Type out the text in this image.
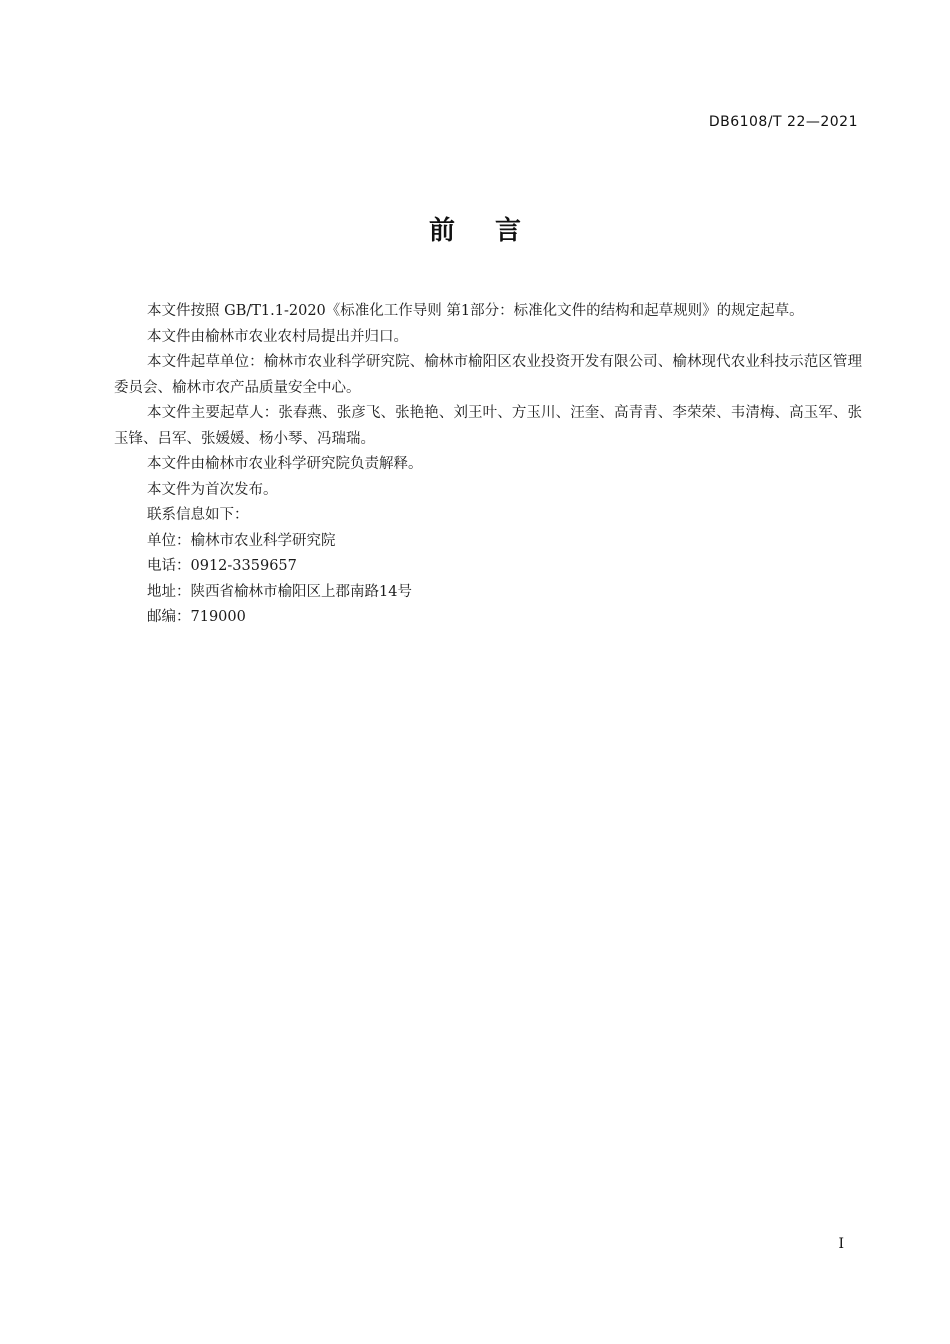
DB6108/T 22—2021
前言

本文件按照 GB/T1.1-2020《标准化工作导则 第1部分：标准化文件的结构和起草规则》的规定起草。

本文件由榆林市农业农村局提出并归口。

本文件起草单位：榆林市农业科学研究院、榆林市榆阳区农业投资开发有限公司、榆林现代农业科技示范区管理委员会、榆林市农产品质量安全中心。

本文件主要起草人：张春燕、张彦飞、张艳艳、刘王叶、方玉川、汪奎、高青青、李荣荣、韦清梅、高玉军、张玉锋、吕军、张媛媛、杨小琴、冯瑞瑞。

本文件由榆林市农业科学研究院负责解释。

本文件为首次发布。

联系信息如下：

单位：榆林市农业科学研究院

电话：0912-3359657

地址：陕西省榆林市榆阳区上郡南路14号

邮编：719000

I
